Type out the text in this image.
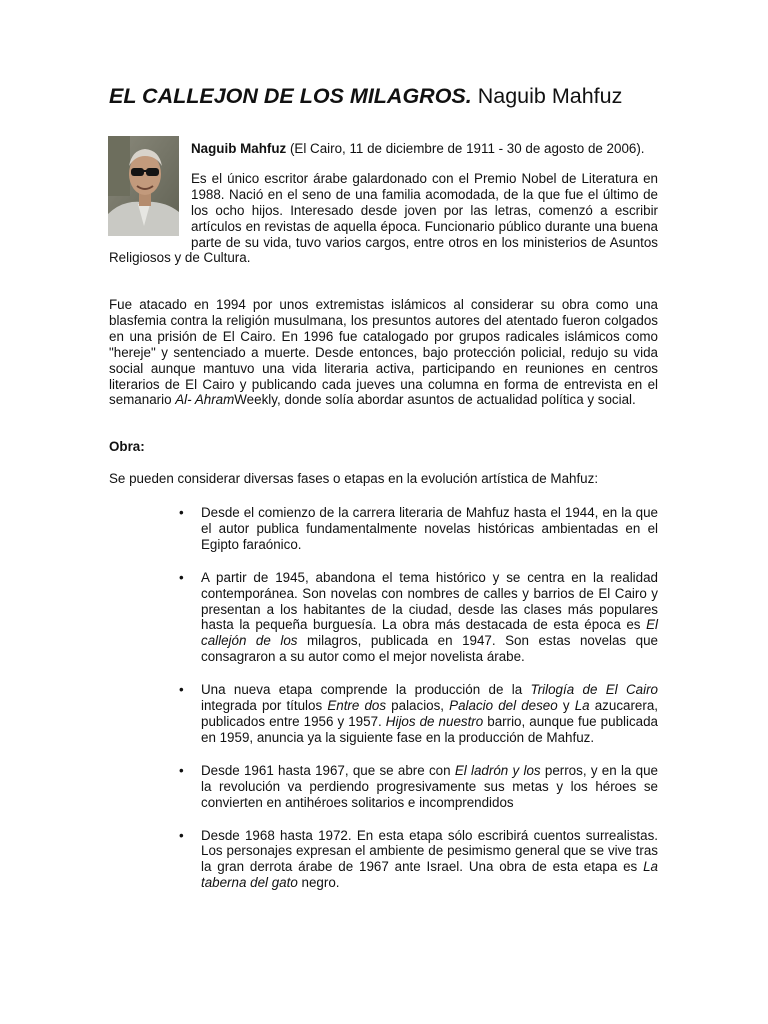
EL CALLEJON DE LOS MILAGROS. Naguib Mahfuz

Naguib Mahfuz (El Cairo, 11 de diciembre de 1911 - 30 de agosto de 2006).

Es el único escritor árabe galardonado con el Premio Nobel de Literatura en 1988. Nació en el seno de una familia acomodada, de la que fue el último de los ocho hijos. Interesado desde joven por las letras, comenzó a escribir artículos en revistas de aquella época. Funcionario público durante una buena parte de su vida, tuvo varios cargos, entre otros en los ministerios de Asuntos Religiosos y de Cultura.

Fue atacado en 1994 por unos extremistas islámicos al considerar su obra como una blasfemia contra la religión musulmana, los presuntos autores del atentado fueron colgados en una prisión de El Cairo. En 1996 fue catalogado por grupos radicales islámicos como "hereje" y sentenciado a muerte. Desde entonces, bajo protección policial, redujo su vida social aunque mantuvo una vida literaria activa, participando en reuniones en centros literarios de El Cairo y publicando cada jueves una columna en forma de entrevista en el semanario Al- AhramWeekly, donde solía abordar asuntos de actualidad política y social.

Obra:

Se pueden considerar diversas fases o etapas en la evolución artística de Mahfuz:

• Desde el comienzo de la carrera literaria de Mahfuz hasta el 1944, en la que el autor publica fundamentalmente novelas históricas ambientadas en el Egipto faraónico.
• A partir de 1945, abandona el tema histórico y se centra en la realidad contemporánea. Son novelas con nombres de calles y barrios de El Cairo y presentan a los habitantes de la ciudad, desde las clases más populares hasta la pequeña burguesía. La obra más destacada de esta época es El callejón de los milagros, publicada en 1947. Son estas novelas que consagraron a su autor como el mejor novelista árabe.
• Una nueva etapa comprende la producción de la Trilogía de El Cairo integrada por títulos Entre dos palacios, Palacio del deseo y La azucarera, publicados entre 1956 y 1957. Hijos de nuestro barrio, aunque fue publicada en 1959, anuncia ya la siguiente fase en la producción de Mahfuz.
• Desde 1961 hasta 1967, que se abre con El ladrón y los perros, y en la que la revolución va perdiendo progresivamente sus metas y los héroes se convierten en antihéroes solitarios e incomprendidos
• Desde 1968 hasta 1972. En esta etapa sólo escribirá cuentos surrealistas. Los personajes expresan el ambiente de pesimismo general que se vive tras la gran derrota árabe de 1967 ante Israel. Una obra de esta etapa es La taberna del gato negro.
